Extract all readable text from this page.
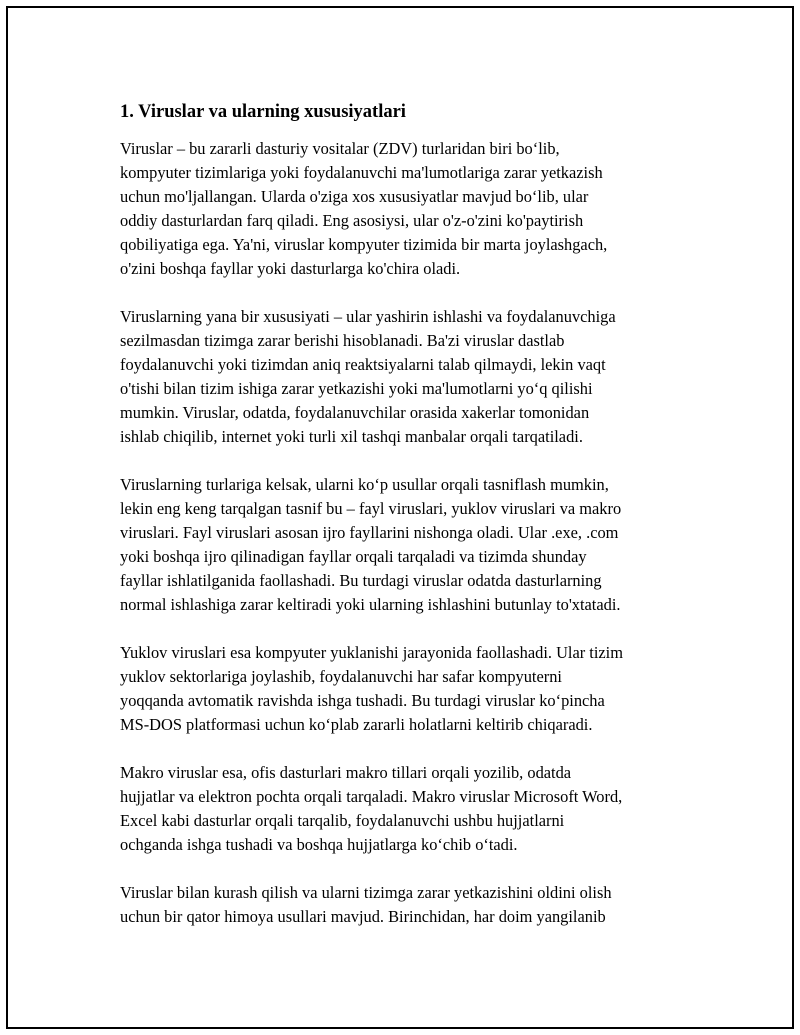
1. Viruslar va ularning xususiyatlari

Viruslar – bu zararli dasturiy vositalar (ZDV) turlaridan biri boʻlib,
kompyuter tizimlariga yoki foydalanuvchi ma'lumotlariga zarar yetkazish
uchun mo'ljallangan. Ularda o'ziga xos xususiyatlar mavjud boʻlib, ular
oddiy dasturlardan farq qiladi. Eng asosiysi, ular o'z-o'zini ko'paytirish
qobiliyatiga ega. Ya'ni, viruslar kompyuter tizimida bir marta joylashgach,
o'zini boshqa fayllar yoki dasturlarga ko'chira oladi.

Viruslarning yana bir xususiyati – ular yashirin ishlashi va foydalanuvchiga
sezilmasdan tizimga zarar berishi hisoblanadi. Ba'zi viruslar dastlab
foydalanuvchi yoki tizimdan aniq reaktsiyalarni talab qilmaydi, lekin vaqt
o'tishi bilan tizim ishiga zarar yetkazishi yoki ma'lumotlarni yoʻq qilishi
mumkin. Viruslar, odatda, foydalanuvchilar orasida xakerlar tomonidan
ishlab chiqilib, internet yoki turli xil tashqi manbalar orqali tarqatiladi.

Viruslarning turlariga kelsak, ularni koʻp usullar orqali tasniflash mumkin,
lekin eng keng tarqalgan tasnif bu – fayl viruslari, yuklov viruslari va makro
viruslari. Fayl viruslari asosan ijro fayllarini nishonga oladi. Ular .exe, .com
yoki boshqa ijro qilinadigan fayllar orqali tarqaladi va tizimda shunday
fayllar ishlatilganida faollashadi. Bu turdagi viruslar odatda dasturlarning
normal ishlashiga zarar keltiradi yoki ularning ishlashini butunlay to'xtatadi.

Yuklov viruslari esa kompyuter yuklanishi jarayonida faollashadi. Ular tizim
yuklov sektorlariga joylashib, foydalanuvchi har safar kompyuterni
yoqqanda avtomatik ravishda ishga tushadi. Bu turdagi viruslar koʻpincha
MS-DOS platformasi uchun koʻplab zararli holatlarni keltirib chiqaradi.

Makro viruslar esa, ofis dasturlari makro tillari orqali yozilib, odatda
hujjatlar va elektron pochta orqali tarqaladi. Makro viruslar Microsoft Word,
Excel kabi dasturlar orqali tarqalib, foydalanuvchi ushbu hujjatlarni
ochganda ishga tushadi va boshqa hujjatlarga koʻchib oʻtadi.

Viruslar bilan kurash qilish va ularni tizimga zarar yetkazishini oldini olish
uchun bir qator himoya usullari mavjud. Birinchidan, har doim yangilanib
